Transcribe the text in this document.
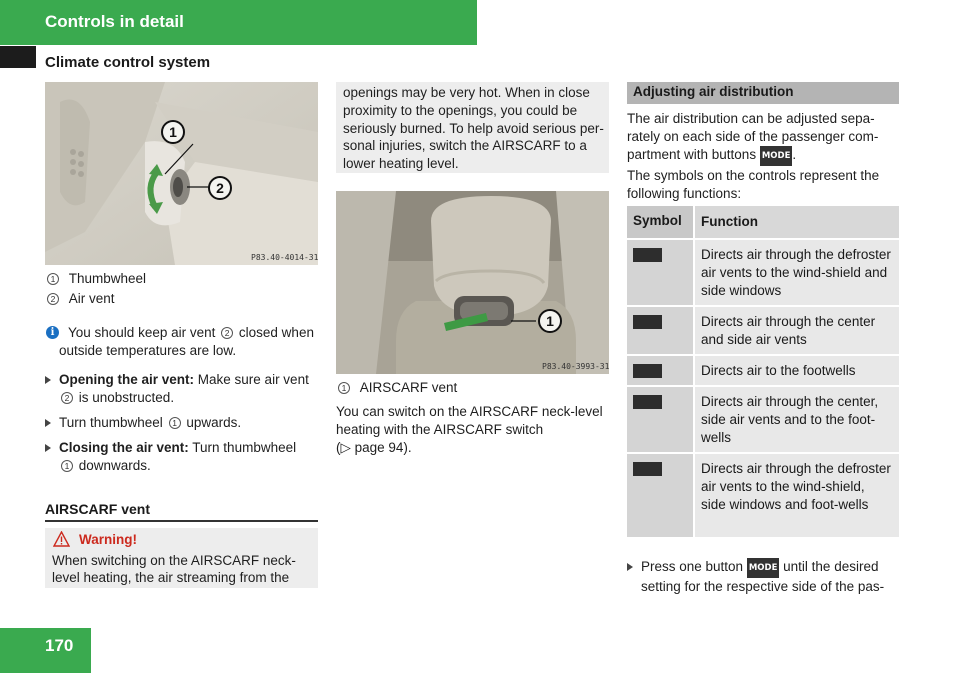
Controls in detail
Climate control system
1
2
P83.40-4014-31
1 Thumbwheel
2 Air vent
i	You should keep air vent 2 closed when
outside temperatures are low.
Opening the air vent: Make sure air vent
2 is unobstructed.
Turn thumbwheel 1 upwards.
Closing the air vent: Turn thumbwheel
1 downwards.
AIRSCARF vent
Warning!
When switching on the AIRSCARF neck-
level heating, the air streaming from the
openings may be very hot. When in close
proximity to the openings, you could be
seriously burned. To help avoid serious per-
sonal injuries, switch the AIRSCARF to a
lower heating level.
1
P83.40-3993-31
1 AIRSCARF vent
You can switch on the AIRSCARF neck-level
heating with the AIRSCARF switch
(▷ page 94).
Adjusting air distribution
The air distribution can be adjusted sepa-
rately on each side of the passenger com-
partment with buttons MODE .
The symbols on the controls represent the
following functions:
Symbol	Function
Directs air through the defroster air vents to the wind-shield and side windows
Directs air through the center and side air vents
Directs air to the footwells
Directs air through the center, side air vents and to the foot-wells
Directs air through the defroster air vents to the wind-shield, side windows and foot-wells
Press one button MODE until the desired
setting for the respective side of the pas-
170
